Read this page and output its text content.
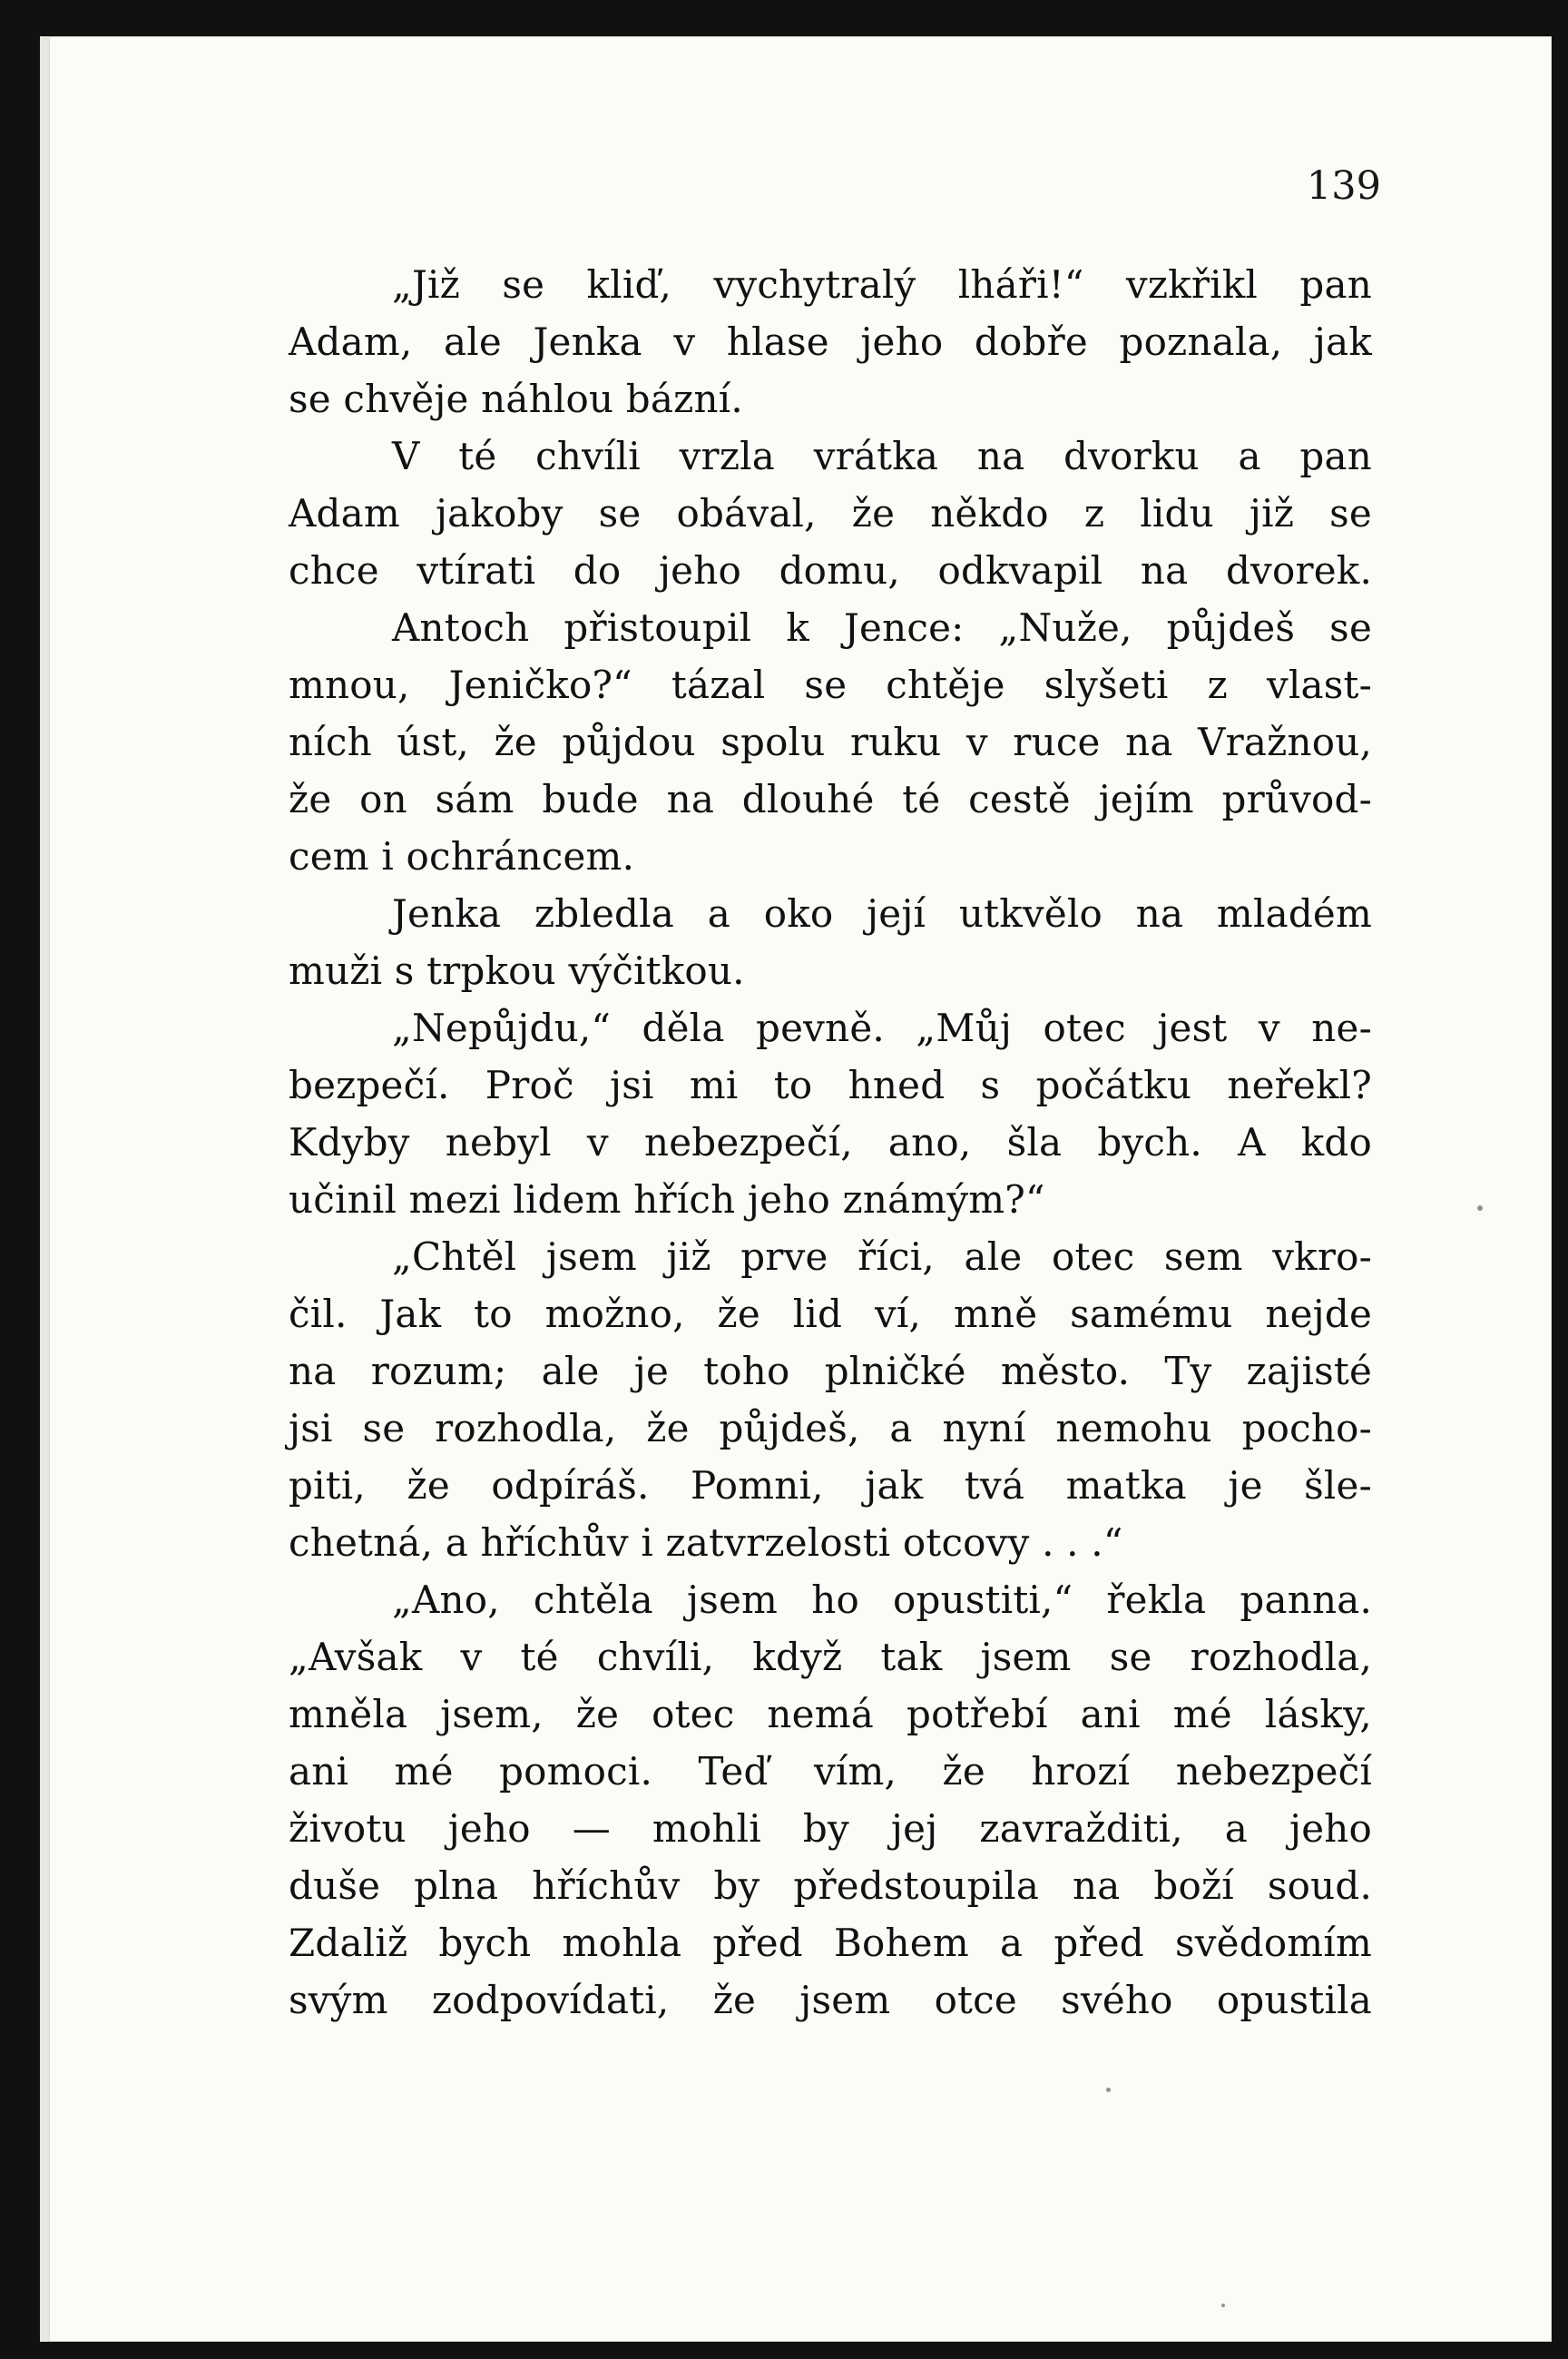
139
„Již se kliď, vychytralý lháři!“ vzkřikl pan
Adam, ale Jenka v hlase jeho dobře poznala, jak
se chvěje náhlou bázní.
V té chvíli vrzla vrátka na dvorku a pan
Adam jakoby se obával, že někdo z lidu již se
chce vtírati do jeho domu, odkvapil na dvorek.
Antoch přistoupil k Jence: „Nuže, půjdeš se
mnou, Jeničko?“ tázal se chtěje slyšeti z vlast-
ních úst, že půjdou spolu ruku v ruce na Vražnou,
že on sám bude na dlouhé té cestě jejím průvod-
cem i ochráncem.
Jenka zbledla a oko její utkvělo na mladém
muži s trpkou výčitkou.
„Nepůjdu,“ děla pevně. „Můj otec jest v ne-
bezpečí. Proč jsi mi to hned s počátku neřekl?
Kdyby nebyl v nebezpečí, ano, šla bych. A kdo
učinil mezi lidem hřích jeho známým?“
„Chtěl jsem již prve říci, ale otec sem vkro-
čil. Jak to možno, že lid ví, mně samému nejde
na rozum; ale je toho plničké město. Ty zajisté
jsi se rozhodla, že půjdeš, a nyní nemohu pocho-
piti, že odpíráš. Pomni, jak tvá matka je šle-
chetná, a hříchův i zatvrzelosti otcovy . . .“
„Ano, chtěla jsem ho opustiti,“ řekla panna.
„Avšak v té chvíli, když tak jsem se rozhodla,
mněla jsem, že otec nemá potřebí ani mé lásky,
ani mé pomoci. Teď vím, že hrozí nebezpečí
životu jeho — mohli by jej zavražditi, a jeho
duše plna hříchův by předstoupila na boží soud.
Zdaliž bych mohla před Bohem a před svědomím
svým zodpovídati, že jsem otce svého opustila
